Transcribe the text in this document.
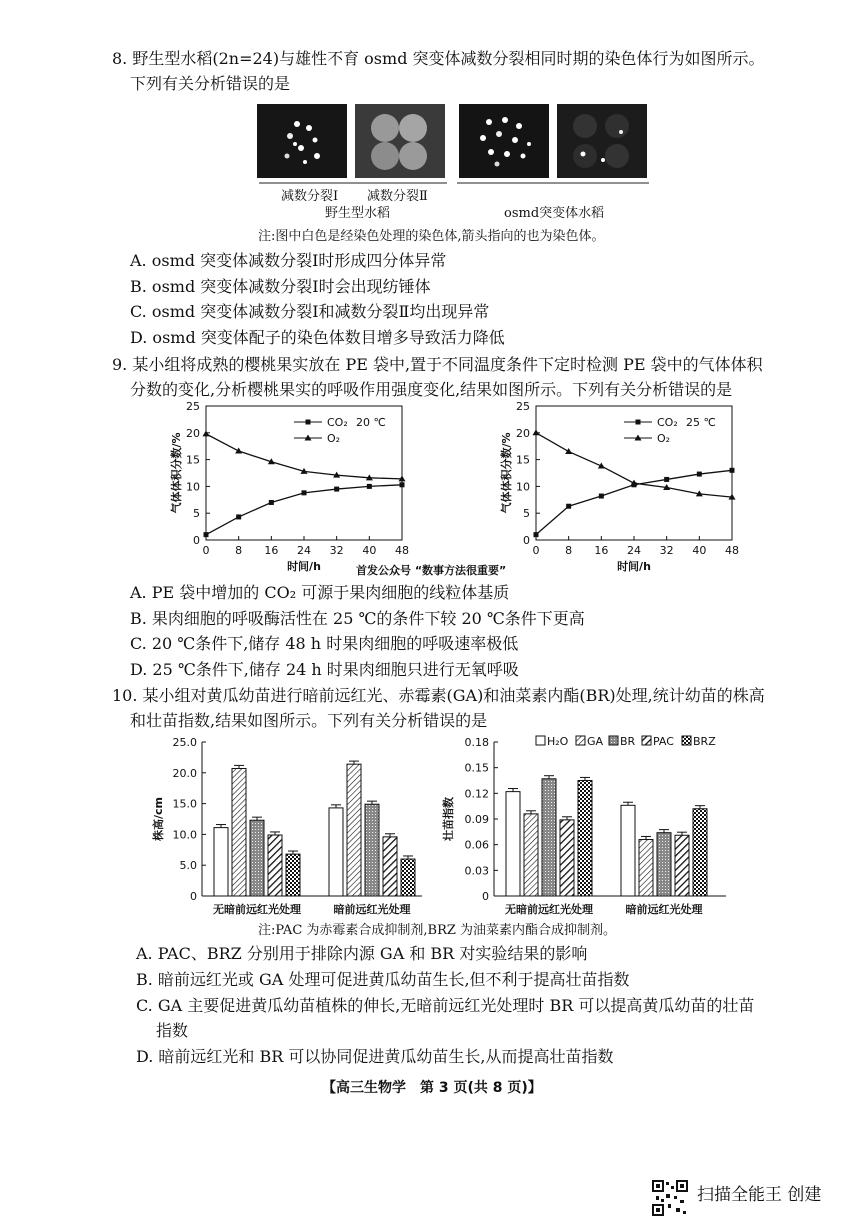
8. 野生型水稻(2n=24)与雄性不育 osmd 突变体减数分裂相同时期的染色体行为如图所示。
下列有关分析错误的是
减数分裂Ⅰ 减数分裂Ⅱ
野生型水稻	osmd突变体水稻
注:图中白色是经染色处理的染色体,箭头指向的也为染色体。
A. osmd 突变体减数分裂Ⅰ时形成四分体异常
B. osmd 突变体减数分裂Ⅰ时会出现纺锤体
C. osmd 突变体减数分裂Ⅰ和减数分裂Ⅱ均出现异常
D. osmd 突变体配子的染色体数目增多导致活力降低
9. 某小组将成熟的樱桃果实放在 PE 袋中,置于不同温度条件下定时检测 PE 袋中的气体体积
分数的变化,分析樱桃果实的呼吸作用强度变化,结果如图所示。下列有关分析错误的是
0
5
10
15
20
25
0 8 16 24 32 40 48
时间/h
气体体积分数/%
CO₂
O₂
20 ℃
0
5
10
15
20
25
0 8 16 24 32 40 48
时间/h
气体体积分数/%
CO₂
O₂
25 ℃
首发公众号 “数事方法很重要”
A. PE 袋中增加的 CO₂ 可源于果肉细胞的线粒体基质
B. 果肉细胞的呼吸酶活性在 25 ℃的条件下较 20 ℃条件下更高
C. 20 ℃条件下,储存 48 h 时果肉细胞的呼吸速率极低
D. 25 ℃条件下,储存 24 h 时果肉细胞只进行无氧呼吸
10. 某小组对黄瓜幼苗进行暗前远红光、赤霉素(GA)和油菜素内酯(BR)处理,统计幼苗的株高
和壮苗指数,结果如图所示。下列有关分析错误的是
0
5.0
10.0
15.0
20.0
25.0
株高/cm
无暗前远红光处理	暗前远红光处理
0
0.03
0.06
0.09
0.12
0.15
0.18
壮苗指数
无暗前远红光处理	暗前远红光处理
H₂O GA BR PAC BRZ
注:PAC 为赤霉素合成抑制剂,BRZ 为油菜素内酯合成抑制剂。
A. PAC、BRZ 分别用于排除内源 GA 和 BR 对实验结果的影响
B. 暗前远红光或 GA 处理可促进黄瓜幼苗生长,但不利于提高壮苗指数
C. GA 主要促进黄瓜幼苗植株的伸长,无暗前远红光处理时 BR 可以提高黄瓜幼苗的壮苗
指数
D. 暗前远红光和 BR 可以协同促进黄瓜幼苗生长,从而提高壮苗指数
【高三生物学　第 3 页(共 8 页)】
扫描全能王 创建
